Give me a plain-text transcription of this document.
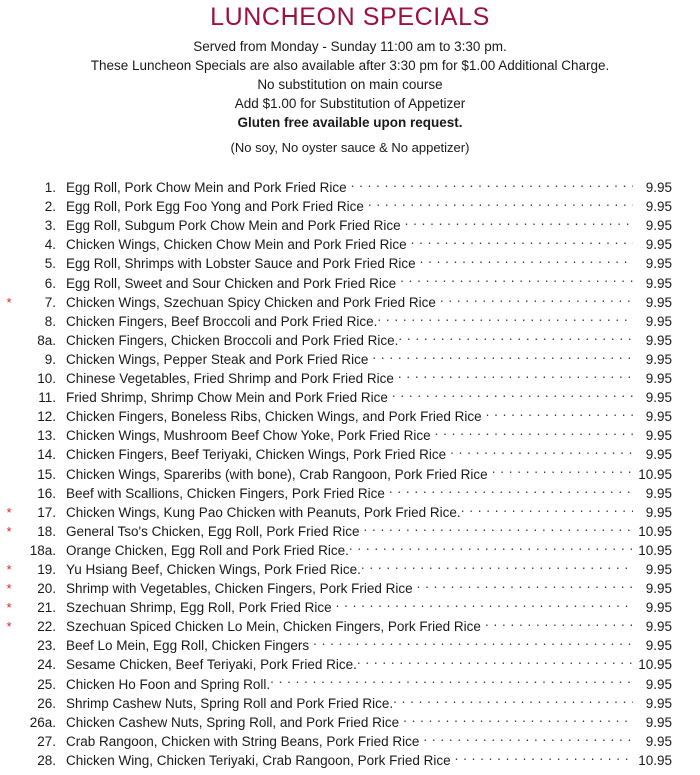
LUNCHEON SPECIALS
Served from Monday - Sunday 11:00 am to 3:30 pm.
These Luncheon Specials are also available after 3:30 pm for $1.00 Additional Charge.
No substitution on main course
Add $1.00 for Substitution of Appetizer
Gluten free available upon request.
(No soy, No oyster sauce & No appetizer)
1. Egg Roll, Pork Chow Mein and Pork Fried Rice . . .	9.95
2. Egg Roll, Pork Egg Foo Yong and Pork Fried Rice . . .	9.95
3. Egg Roll, Subgum Pork Chow Mein and Pork Fried Rice . . .	9.95
4. Chicken Wings, Chicken Chow Mein and Pork Fried Rice . . .	9.95
5. Egg Roll, Shrimps with Lobster Sauce and Pork Fried Rice . . .	9.95
6. Egg Roll, Sweet and Sour Chicken and Pork Fried Rice . . .	9.95
*	7. Chicken Wings, Szechuan Spicy Chicken and Pork Fried Rice . . .	9.95
8. Chicken Fingers, Beef Broccoli and Pork Fried Rice. . . .	9.95
8a. Chicken Fingers, Chicken Broccoli and Pork Fried Rice. . . .	9.95
9. Chicken Wings, Pepper Steak and Pork Fried Rice . . .	9.95
10. Chinese Vegetables, Fried Shrimp and Pork Fried Rice . . .	9.95
11. Fried Shrimp, Shrimp Chow Mein and Pork Fried Rice . . .	9.95
12. Chicken Fingers, Boneless Ribs, Chicken Wings, and Pork Fried Rice . . .	9.95
13. Chicken Wings, Mushroom Beef Chow Yoke, Pork Fried Rice . . .	9.95
14. Chicken Fingers, Beef Teriyaki, Chicken Wings, Pork Fried Rice . . .	9.95
15. Chicken Wings, Spareribs (with bone), Crab Rangoon, Pork Fried Rice . . .	10.95
16. Beef with Scallions, Chicken Fingers, Pork Fried Rice . . .	9.95
*	17. Chicken Wings, Kung Pao Chicken with Peanuts, Pork Fried Rice. . . .	9.95
*	18. General Tso's Chicken, Egg Roll, Pork Fried Rice . . .	10.95
18a. Orange Chicken, Egg Roll and Pork Fried Rice. . . .	10.95
*	19. Yu Hsiang Beef, Chicken Wings, Pork Fried Rice. . . .	9.95
*	20. Shrimp with Vegetables, Chicken Fingers, Pork Fried Rice . . .	9.95
*	21. Szechuan Shrimp, Egg Roll, Pork Fried Rice . . .	9.95
*	22. Szechuan Spiced Chicken Lo Mein, Chicken Fingers, Pork Fried Rice . . .	9.95
23. Beef Lo Mein, Egg Roll, Chicken Fingers . . .	9.95
24. Sesame Chicken, Beef Teriyaki, Pork Fried Rice. . . .	10.95
25. Chicken Ho Foon and Spring Roll. . . .	9.95
26. Shrimp Cashew Nuts, Spring Roll and Pork Fried Rice. . . .	9.95
26a. Chicken Cashew Nuts, Spring Roll, and Pork Fried Rice . . .	9.95
27. Crab Rangoon, Chicken with String Beans, Pork Fried Rice . . .	9.95
28. Chicken Wing, Chicken Teriyaki, Crab Rangoon, Pork Fried Rice . . .	10.95
